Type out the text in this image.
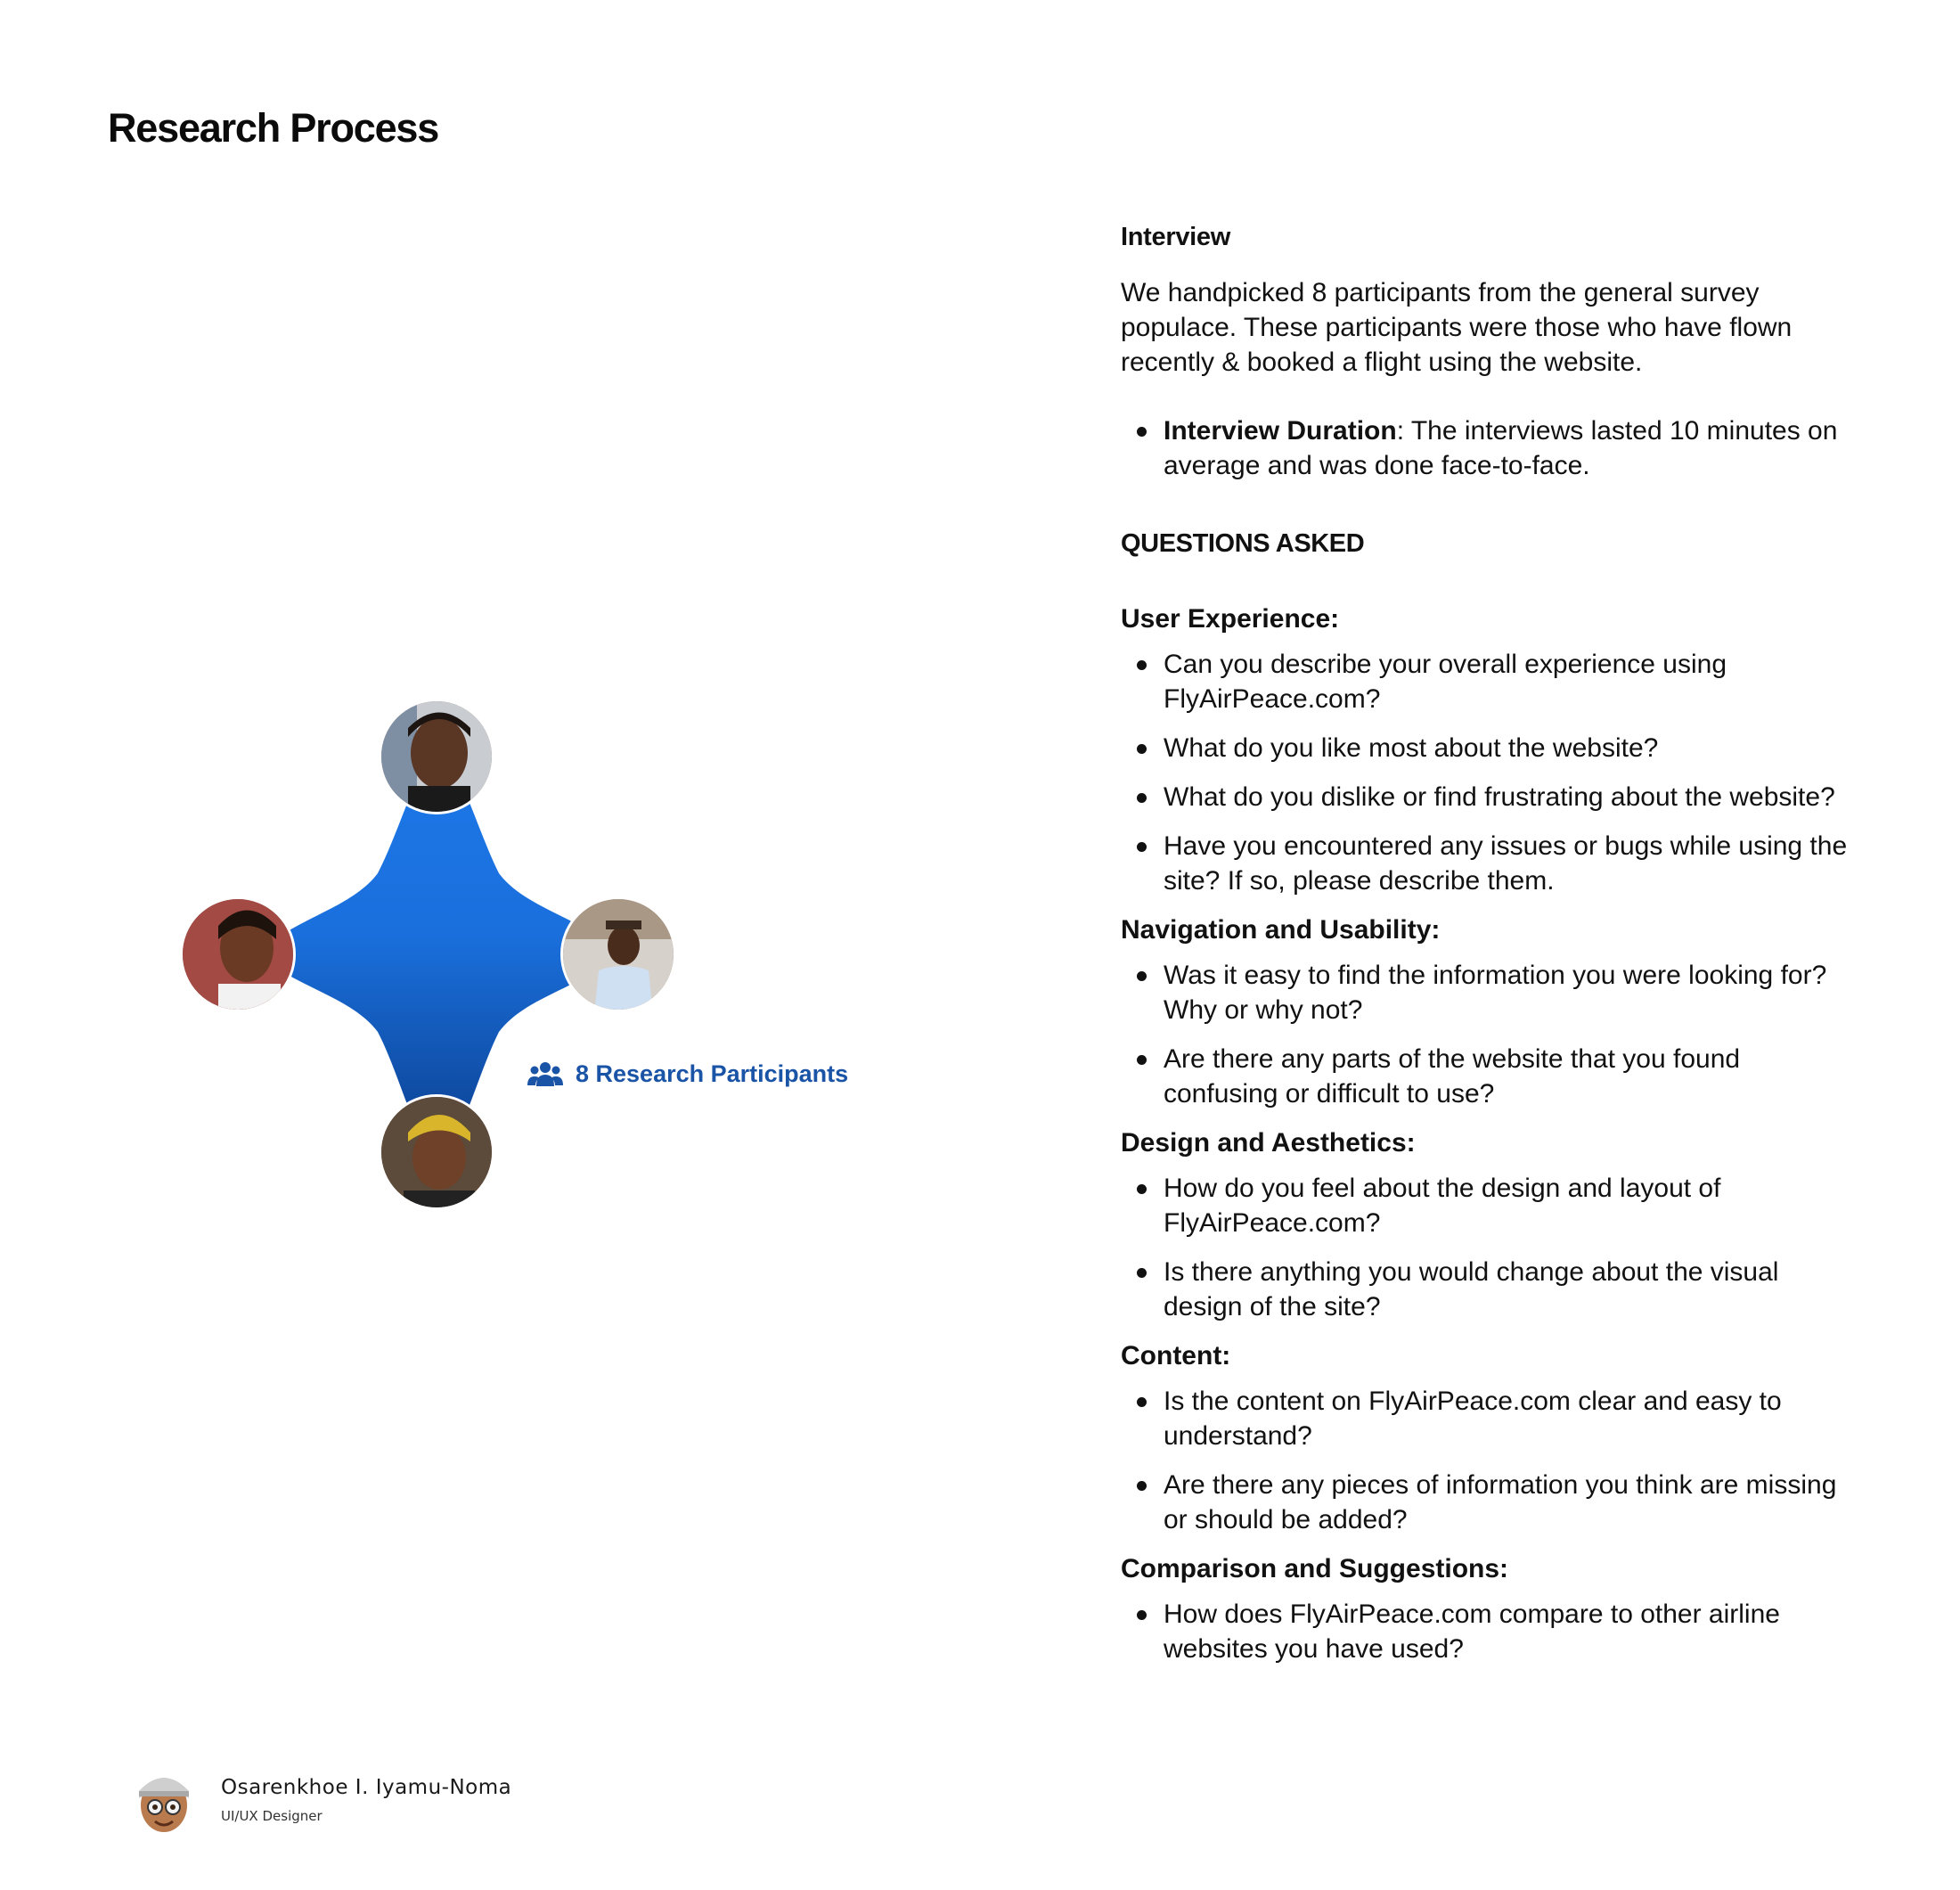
Research Process
8 Research Participants
Interview

We handpicked 8 participants from the general survey populace. These participants were those who have flown recently & booked a flight using the website.

Interview Duration: The interviews lasted 10 minutes on average and was done face-to-face.
QUESTIONS ASKED
User Experience:
Can you describe your overall experience using FlyAirPeace.com?
What do you like most about the website?
What do you dislike or find frustrating about the website?
Have you encountered any issues or bugs while using the site? If so, please describe them.
Navigation and Usability:
Was it easy to find the information you were looking for? Why or why not?
Are there any parts of the website that you found confusing or difficult to use?
Design and Aesthetics:
How do you feel about the design and layout of FlyAirPeace.com?
Is there anything you would change about the visual design of the site?
Content:
Is the content on FlyAirPeace.com clear and easy to understand?
Are there any pieces of information you think are missing or should be added?
Comparison and Suggestions:
How does FlyAirPeace.com compare to other airline websites you have used?
Osarenkhoe I. Iyamu-Noma
UI/UX Designer
